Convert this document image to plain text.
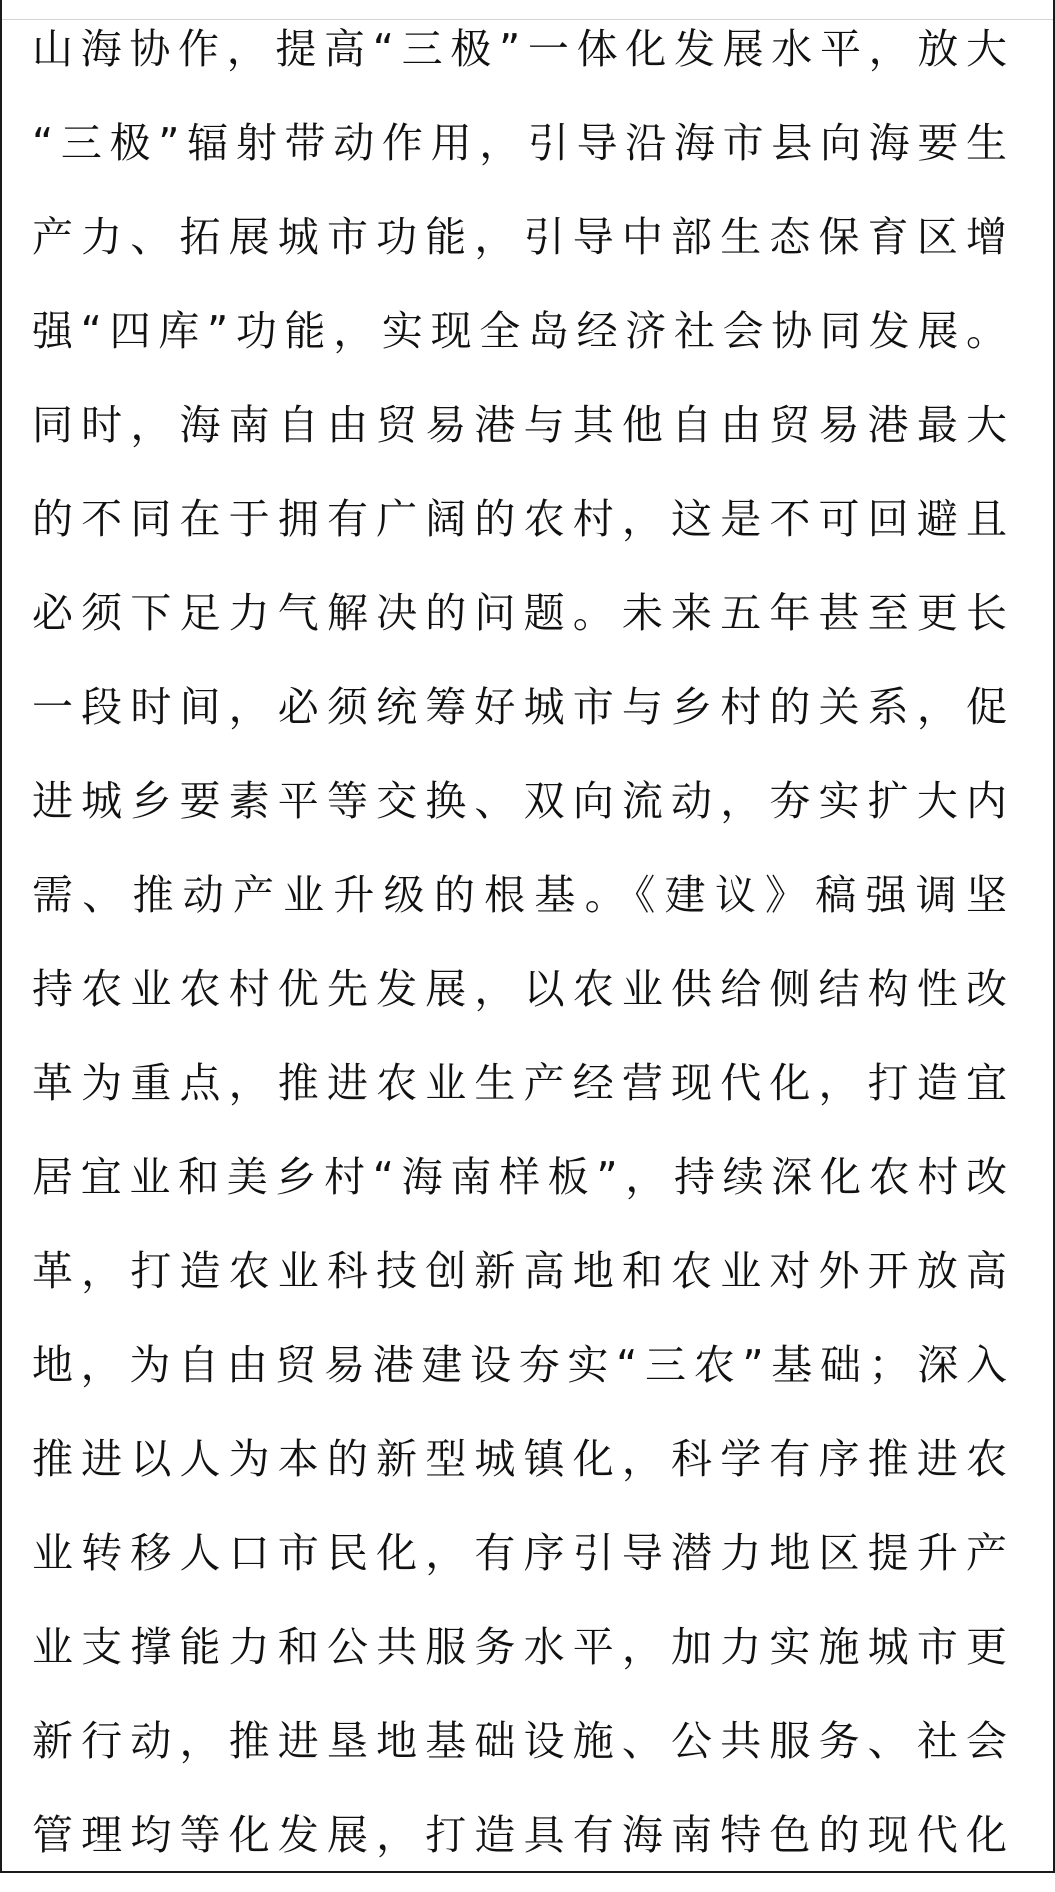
山海协作，提高“三极”一体化发展水平，放大
“三极”辐射带动作用，引导沿海市县向海要生
产力、拓展城市功能，引导中部生态保育区增
强“四库”功能，实现全岛经济社会协同发展。
同时，海南自由贸易港与其他自由贸易港最大
的不同在于拥有广阔的农村，这是不可回避且
必须下足力气解决的问题。未来五年甚至更长
一段时间，必须统筹好城市与乡村的关系，促
进城乡要素平等交换、双向流动，夯实扩大内
需、推动产业升级的根基。《建议》稿强调坚
持农业农村优先发展，以农业供给侧结构性改
革为重点，推进农业生产经营现代化，打造宜
居宜业和美乡村“海南样板”，持续深化农村改
革，打造农业科技创新高地和农业对外开放高
地，为自由贸易港建设夯实“三农”基础；深入
推进以人为本的新型城镇化，科学有序推进农
业转移人口市民化，有序引导潜力地区提升产
业支撑能力和公共服务水平，加力实施城市更
新行动，推进垦地基础设施、公共服务、社会
管理均等化发展，打造具有海南特色的现代化
